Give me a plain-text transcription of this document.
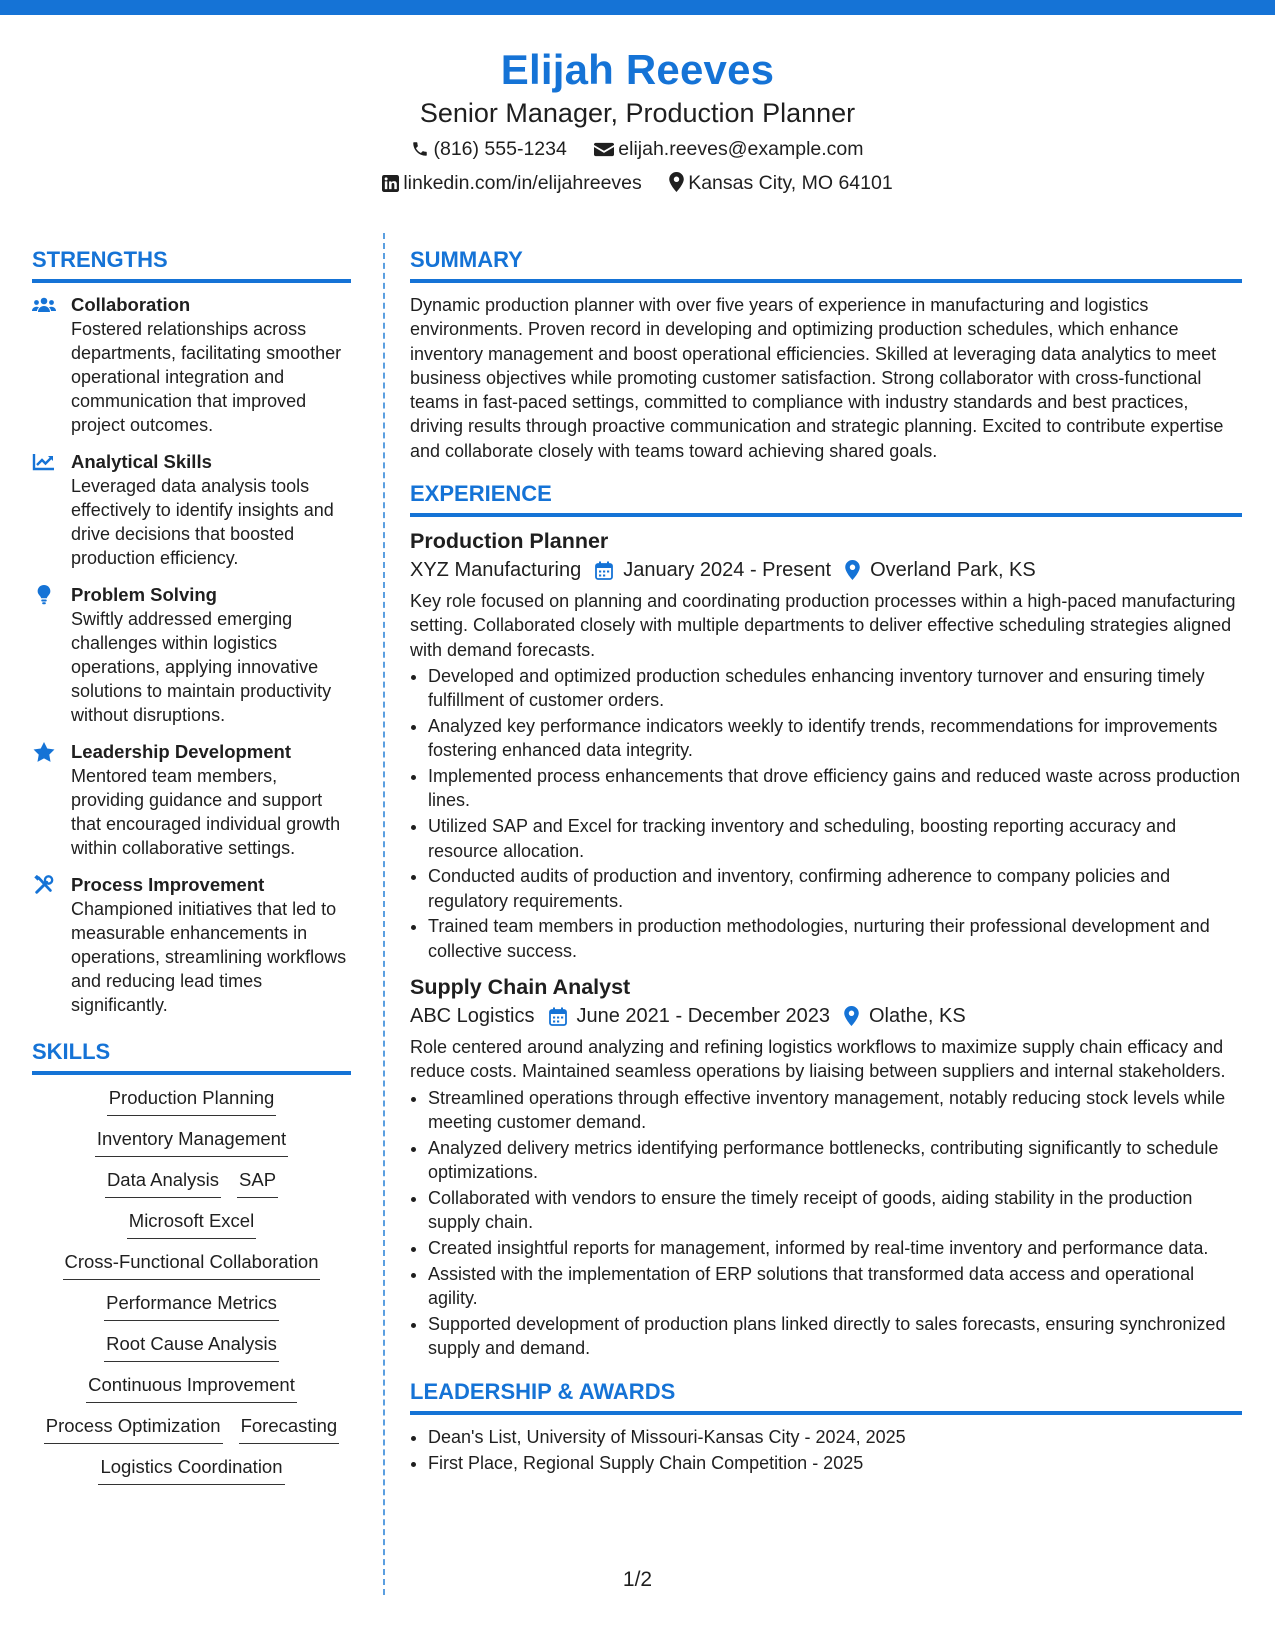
Elijah Reeves
Senior Manager, Production Planner
(816) 555-1234	elijah.reeves@example.com
linkedin.com/in/elijahreeves Kansas City, MO 64101
STRENGTHS
Collaboration
Fostered relationships across departments, facilitating smoother operational integration and communication that improved project outcomes.
Analytical Skills
Leveraged data analysis tools effectively to identify insights and drive decisions that boosted production efficiency.
Problem Solving
Swiftly addressed emerging challenges within logistics operations, applying innovative solutions to maintain productivity without disruptions.
Leadership Development
Mentored team members, providing guidance and support that encouraged individual growth within collaborative settings.
Process Improvement
Championed initiatives that led to measurable enhancements in operations, streamlining workflows and reducing lead times significantly.
SKILLS
Production Planning
Inventory Management
Data Analysis SAP
Microsoft Excel
Cross-Functional Collaboration
Performance Metrics
Root Cause Analysis
Continuous Improvement
Process Optimization Forecasting
Logistics Coordination
SUMMARY
Dynamic production planner with over five years of experience in manufacturing and logistics environments. Proven record in developing and optimizing production schedules, which enhance inventory management and boost operational efficiencies. Skilled at leveraging data analytics to meet business objectives while promoting customer satisfaction. Strong collaborator with cross-functional teams in fast-paced settings, committed to compliance with industry standards and best practices, driving results through proactive communication and strategic planning. Excited to contribute expertise and collaborate closely with teams toward achieving shared goals.
EXPERIENCE
Production Planner
XYZ Manufacturing January 2024 - Present Overland Park, KS
Key role focused on planning and coordinating production processes within a high-paced manufacturing setting. Collaborated closely with multiple departments to deliver effective scheduling strategies aligned with demand forecasts.
• Developed and optimized production schedules enhancing inventory turnover and ensuring timely fulfillment of customer orders.
• Analyzed key performance indicators weekly to identify trends, recommendations for improvements fostering enhanced data integrity.
• Implemented process enhancements that drove efficiency gains and reduced waste across production lines.
• Utilized SAP and Excel for tracking inventory and scheduling, boosting reporting accuracy and resource allocation.
• Conducted audits of production and inventory, confirming adherence to company policies and regulatory requirements.
• Trained team members in production methodologies, nurturing their professional development and collective success.
Supply Chain Analyst
ABC Logistics June 2021 - December 2023 Olathe, KS
Role centered around analyzing and refining logistics workflows to maximize supply chain efficacy and reduce costs. Maintained seamless operations by liaising between suppliers and internal stakeholders.
• Streamlined operations through effective inventory management, notably reducing stock levels while meeting customer demand.
• Analyzed delivery metrics identifying performance bottlenecks, contributing significantly to schedule optimizations.
• Collaborated with vendors to ensure the timely receipt of goods, aiding stability in the production supply chain.
• Created insightful reports for management, informed by real-time inventory and performance data.
• Assisted with the implementation of ERP solutions that transformed data access and operational agility.
• Supported development of production plans linked directly to sales forecasts, ensuring synchronized supply and demand.
LEADERSHIP & AWARDS
• Dean's List, University of Missouri-Kansas City - 2024, 2025
• First Place, Regional Supply Chain Competition - 2025
1/2
